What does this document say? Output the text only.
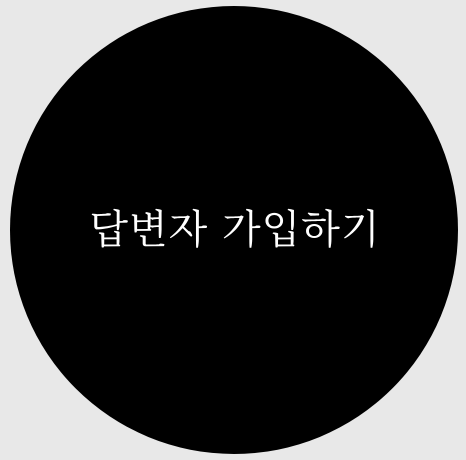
답변자 가입하기
